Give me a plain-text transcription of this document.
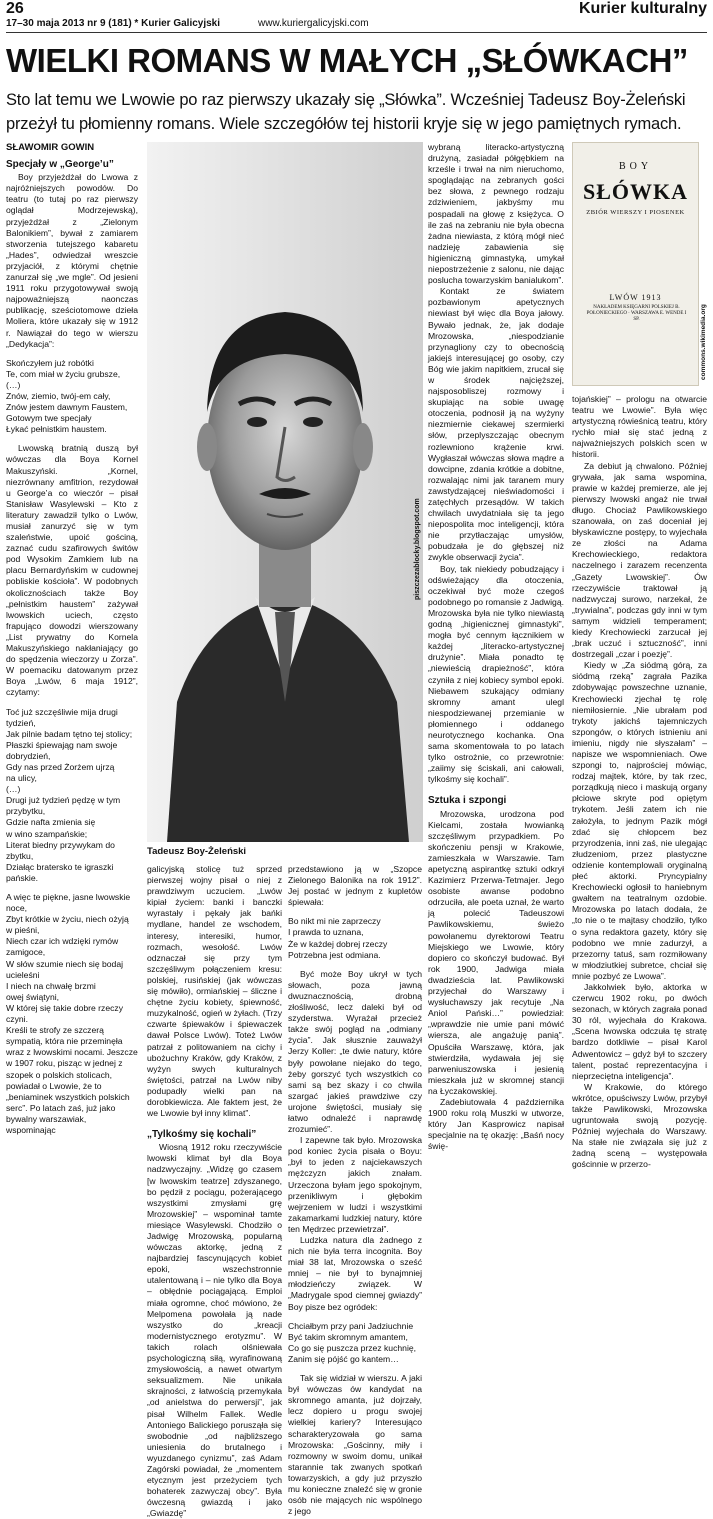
26
17–30 maja 2013 nr 9 (181) * Kurier Galicyjski	www.kuriergalicyjski.com
Kurier kulturalny
WIELKI ROMANS W MAŁYCH „SŁÓWKACH”
Sto lat temu we Lwowie po raz pierwszy ukazały się „Słówka”. Wcześniej Tadeusz Boy-Żeleński przeżył tu płomienny romans. Wiele szczegółów tej historii kryje się w jego pamiętnych rymach.

SŁAWOMIR GOWIN

Specjały w „George’u”

Boy przyjeżdżał do Lwowa z najróżniejszych powodów. Do teatru (to tutaj po raz pierwszy oglądał Modrzejewską), przyjeżdżał z „Zielonym Balonikiem”, bywał z zamiarem stworzenia tutejszego kabaretu „Hades”, odwiedzał wreszcie przyjaciół, z którymi chętnie zanurzał się „we mgle”. Od jesieni 1911 roku przygotowywał swoją najpoważniejszą naonczas publikację, sześciotomowe dzieła Moliera, które ukazały się w 1912 r. Nawiązał do tego w wierszu „Dedykacja”:

Skończyłem już robótki

Te, com miał w życiu grubsze,

(…)

Znów, ziemio, twój-em cały,

Znów jestem dawnym Faustem,

Gotowym twe specjały

Łykać pełnistkim haustem.

Lwowską bratnią duszą był wówczas dla Boya Kornel Makuszyński. „Kornel, niezrównany amfitrion, rezydował u George’a co wieczór – pisał Stanisław Wasylewski – Kto z literatury zawadził tylko o Lwów, musiał zanurzyć się w tym szaleństwie, upoić gościną, zaznać cudu szafirowych świtów pod Wysokim Zamkiem lub na placu Bernardyńskim w cudownej pobliskie kościoła”. W podobnych okolicznościach także Boy „pełnistkim haustem” zażywał lwowskich uciech, często frapująco dowodzi wierszowany „List prywatny do Kornela Makuszyńskiego nakłaniający go do spędzenia wieczorzy u Zorza”. W poemaciku datowanym przez Boya „Lwów, 6 maja 1912”, czytamy:

Toć już szczęśliwie mija drugi

tydzień,

Jak pilnie badam tętno tej stolicy;

Płaszki śpiewająg nam swoje

dobrydzień,

Gdy nas przed Żorżem ujrzą

na ulicy,

(…)

Drugi już tydzień pędzę w tym

przybytku,

Gdzie nafta zmienia się

w wino szampańskie;

Literat biedny przywykam do zbytku,

Działąc bratersko te igraszki pańskie.

A więc te piękne, jasne lwowskie

noce,

Zbyt krótkie w życiu, niech ożyją

w pieśni,

Niech czar ich wdzięki rymów

zamigoce,

W słów szumie niech się bodaj

ucieleśni

I niech na chwałę brzmi

owej świątyni,

W której się takie dobre rzeczy czyni.

Kreśli te strofy ze szczerą sympatią, która nie przeminęła wraz z lwowskimi nocami. Jeszcze w 1907 roku, pisząc w jednej z szopek o polskich stolicach, powiadał o Lwowie, że to „beniaminek wszystkich polskich serc”. Po latach zaś, już jako bywalny warszawiak, wspominając

piszczezablocky.blogspot.com
Tadeusz Boy-Żeleński

galicyjską stolicę tuż sprzed pierwszej wojny pisał o niej z prawdziwym uczuciem. „Lwów kipiał życiem: banki i banczki wyrastały i pękały jak bańki mydlane, handel ze wschodem, interesy, interesiki, humor, rozmach, wesołość. Lwów odznaczał się przy tym szczęśliwym połączeniem kresu: polskiej, rusińskiej (jak wówczas się mówiło), ormiańskiej – śliczne i chętne życiu kobiety, śpiewność, muzykalność, ogień w żyłach. (Trzy czwarte śpiewaków i śpiewaczek dawał Polsce Lwów). Toteż Lwów patrzał z politowaniem na cichy i ubożuchny Kraków, gdy Kraków, z wyżyn swych kulturalnych świętości, patrzał na Lwów niby podupadły wielki pan na dorobkiewicza. Ale faktem jest, że we Lwowie był inny klimat”.

„Tylkośmy się kochali”

Wiosną 1912 roku rzeczywiście lwowski klimat był dla Boya nadzwyczajny. „Widzę go czasem [w lwowskim teatrze] zdyszanego, bo pędził z pociągu, pożerającego wszystkimi zmysłami grę Mrozowskiej” – wspominał tamte miesiące Wasylewski. Chodziło o Jadwigę Mrozowską, popularną wówczas aktorkę, jedną z najbardziej fascynujących kobiet epoki, wszechstronnie utalentowaną i – nie tylko dla Boya – obłędnie pociągającą. Emploi miała ogromne, choć mówiono, że Melpomena powołała ją nade wszystko do „kreacji modernistycznego erotyzmu”. W takich rolach olśniewała psychologiczną siłą, wyrafinowaną zmysłowością, a nawet otwartym seksualizmem. Nie unikała skrajności, z łatwością przemykała „od anielstwa do perwersji”, jak pisał Wilhelm Fallek. Wedle Antoniego Balickiego porusząła się swobodnie „od najbliższego uniesienia do brutalnego i wyuzdanego cynizmu”, zaś Adam Zagórski powiadał, że „momentem etycznym jest przeżyciem tych bohaterek zazwyczaj obcy”. Była ówczesną gwiazdą i jako „Gwiazdę”

przedstawiono ją w „Szopce Zielonego Balonika na rok 1912”. Jej postać w jednym z kupletów śpiewała:

Bo nikt mi nie zaprzeczy

I prawda to uznana,

Że w każdej dobrej rzeczy

Potrzebna jest odmiana.

Być może Boy ukrył w tych słowach, poza jawną dwuznacznością, drobną złośliwość, lecz daleki był od szyderstwa. Wyrażał przecież także swój pogląd na „odmiany życia”. Jak słusznie zauważył Jerzy Koller: „te dwie natury, które były powołane niejako do tego, żeby gorszyć tych wszystkich co sami są bez skazy i co chwila szargać jakieś prawdziwe czy urojone świętości, musiały się łatwo odnaleźć i naprawdę zrozumieć”.

I zapewne tak było. Mrozowska pod koniec życia pisała o Boyu: „był to jeden z najciekawszych mężczyzn jakich znałam. Urzeczona byłam jego spokojnym, przenikliwym i głębokim wejrzeniem w ludzi i wszystkimi zakamarkami ludzkiej natury, które ten Mędrzec przewietrzał”.

Ludzka natura dla żadnego z nich nie była terra incognita. Boy miał 38 lat, Mrozowska o sześć mniej – nie był to bynajmniej młodzieńczy związek. W „Madrygale spod ciemnej gwiazdy” Boy pisze bez ogródek:

Chciałbym przy pani Jadziuchnie

Być takim skromnym amantem,

Co go się puszcza przez kuchnię,

Zanim się pójść go kantem…

Tak się widział w wierszu. A jaki był wówczas ów kandydat na skromnego amanta, już dojrzały, lecz dopiero u progu swojej wielkiej kariery? Interesująco scharakteryzowała go sama Mrozowska: „Gościnny, miły i rozmowny w swoim domu, unikał starannie tak zwanych spotkań towarzyskich, a gdy już przyszło mu konieczne znaleźć się w gronie osób nie mających nic wspólnego z jego

wybraną literacko-artystyczną drużyną, zasiadał półgębkiem na krześle i trwał na nim nieruchomo, spoglądając na zebranych gości bez słowa, z pewnego rodzaju zdziwieniem, jakbyśmy mu pospadali na głowę z księżyca. O ile zaś na zebraniu nie była obecna żadna niewiasta, z którą mógł nieć nadzieję zabawienia się higieniczną gimnastyką, umykał niepostrzeżenie z salonu, nie dając poslucha towarzyskim banialukom”.

Kontakt ze światem pozbawionym apetycznych niewiast był więc dla Boya jałowy. Bywało jednak, że, jak dodaje Mrozowska, „niespodzianie przynagliony czy to obecnością jakiejś interesującej go osoby, czy Bóg wie jakim napitkiem, zrucał się w środek najcięższej, najsposobliszej rozmowy i skupiając na sobie uwagę otoczenia, podnosił ją na wyżyny niezmiernie ciekawej szermierki słów, przeplyszczając obecnym rozlewniono krążenie krwi. Wygłaszał wówczas słowa mądre a dowcipne, zdania krótkie a dobitne, rozwalając nimi jak taranem mury zawstydzającej nieświadomości i zatęchłych przesądów. W takich chwilach uwydatniała się ta jego niepospolita moc inteligencji, która nie przytłaczając umysłów, pobudzała je do głębszej niż zwykle obserwacji życia”.

Boy, tak niekiedy pobudzający i odświeżający dla otoczenia, oczekiwał być może czegoś podobnego po romansie z Jadwigą. Mrozowska była nie tylko niewiastą godną „higienicznej gimnastyki”, mogła być cennym łącznikiem w każdej „literacko-artystycznej drużynie”. Miała ponadto tę „niewieścią drapieżność”, która czyniła z niej kobiecy symbol epoki. Niebawem szukający odmiany skromny amant ulegl niespodziewanej przemianie w płomiennego i oddanego neurotycznego kochanka. Ona sama skomentowała to po latach tylko ostrożnie, co przewrotnie: „zaiimy się ściskali, ani całowali, tylkośmy się kochali”.

Sztuka i szpongi

Mrozowska, urodzona pod Kielcami, została lwowianką szczęśliwym przypadkiem. Po skończeniu pensji w Krakowie, zamieszkała w Warszawie. Tam apetyczną aspirantkę sztuki odkrył Kazimierz Przerwa-Tetmajer. Jego osobiste awanse podobno odrzuciła, ale poeta uznał, że warto ją polecić Tadeuszowi Pawlikowskiemu, świeżo powołanemu dyrektorowi Teatru Miejskiego we Lwowie, który dopiero co skończył budować. Był rok 1900, Jadwiga miała dwadzieścia lat. Pawlikowski przyjechał do Warszawy i wysłuchawszy jak recytuje „Na Aniol Pański…” powiedział: „wprawdzie nie umie pani mówić wiersza, ale angażuję panią”. Opuściła Warszawę, która, jak stwierdziła, wydawała jej się parweniuszowska i jesienią mieszkała już w skromnej stancji na Łyczakowskiej.

Zadebiutowała 4 października 1900 roku rolą Muszki w utworze, który Jan Kasprowicz napisał specjalnie na tę okazję: „Baśń nocy świę-

BOY
SŁÓWKA
ZBIÓR WIERSZY I PIOSENEK
LWÓW 1913
NAKŁADEM KSIĘGARNI POLSKIEJ B. POŁONIECKIEGO · WARSZAWA E. WENDE I SP.	commons.wikimedia.org

tojańskiej” – prologu na otwarcie teatru we Lwowie”. Była więc artystyczną rówieśnicą teatru, który rychło miał się stać jedną z najważniejszych polskich scen w historii.

Za debiut ją chwalono. Później grywała, jak sama wspomina, prawie w każdej premierze, ale jej pierwszy lwowski angaż nie trwał długo. Chociaż Pawlikowskiego szanowała, on zaś doceniał jej błyskawiczne postępy, to wyjechała ze złości na Adama Krechowieckiego, redaktora naczelnego i zarazem recenzenta „Gazety Lwowskiej”. Ów rzeczywiście traktował ją nadzwyczaj surowo, narzekał, że „trywialna”, podczas gdy inni w tym samym widzieli temperament; kiedy Krechowiecki zarzucał jej „brak uczuć i sztuczność”, inni dostrzegali „czar i poezję”.

Kiedy w „Za siódmą górą, za siódmą rzeką” zagrała Pazika zdobywając powszechne uznanie, Krechowiecki zjechał tę rolę niemiłosiernie. „Nie ubrałam pod trykoty jakichś tajemniczych szpongów, o których istnieniu ani imieniu, nigdy nie słyszałam” – napisze we wspomnieniach. Owe szpongi to, najprościej mówiąc, rodzaj majtek, które, by tak rzec, porządkują nieco i maskują organy płciowe skryte pod opiętym trykotem. Jeśli zatem ich nie założyła, to jednym Pazik mógł zdać się chłopcem bez przyrodzenia, inni zaś, nie ulegając złudzeniom, przez plastyczne odzienie kontemplowali oryginalną płeć aktorki. Pryncypialny Krechowiecki ogłosił to haniebnym gwałtem na teatralnym ozdobie. Mrozowska po latach dodała, że „to nie o te majtasy chodziło, tylko o syna redaktora gazety, który się podobno we mnie zadurzył, a przezorny tatuś, sam rozmiłowany w młodziutkiej subretce, chciał się mnie pozbyć ze Lwowa”.

Jakkolwiek było, aktorka w czerwcu 1902 roku, po dwóch sezonach, w których zagrała ponad 30 ról, wyjechała do Krakowa. „Scena lwowska odczuła tę stratę bardzo dotkliwie – pisał Karol Adwentowicz – gdyż był to szczery talent, postać reprezentacyjna i nieprzeciętna inteligencja”.

W Krakowie, do którego wkrótce, opuściwszy Lwów, przybył także Pawlikowski, Mrozowska ugruntowała swoją pozycję. Później wyjechała do Warszawy. Na stałe nie związała się już z żadną sceną – występowała gościnnie w przerzo-
